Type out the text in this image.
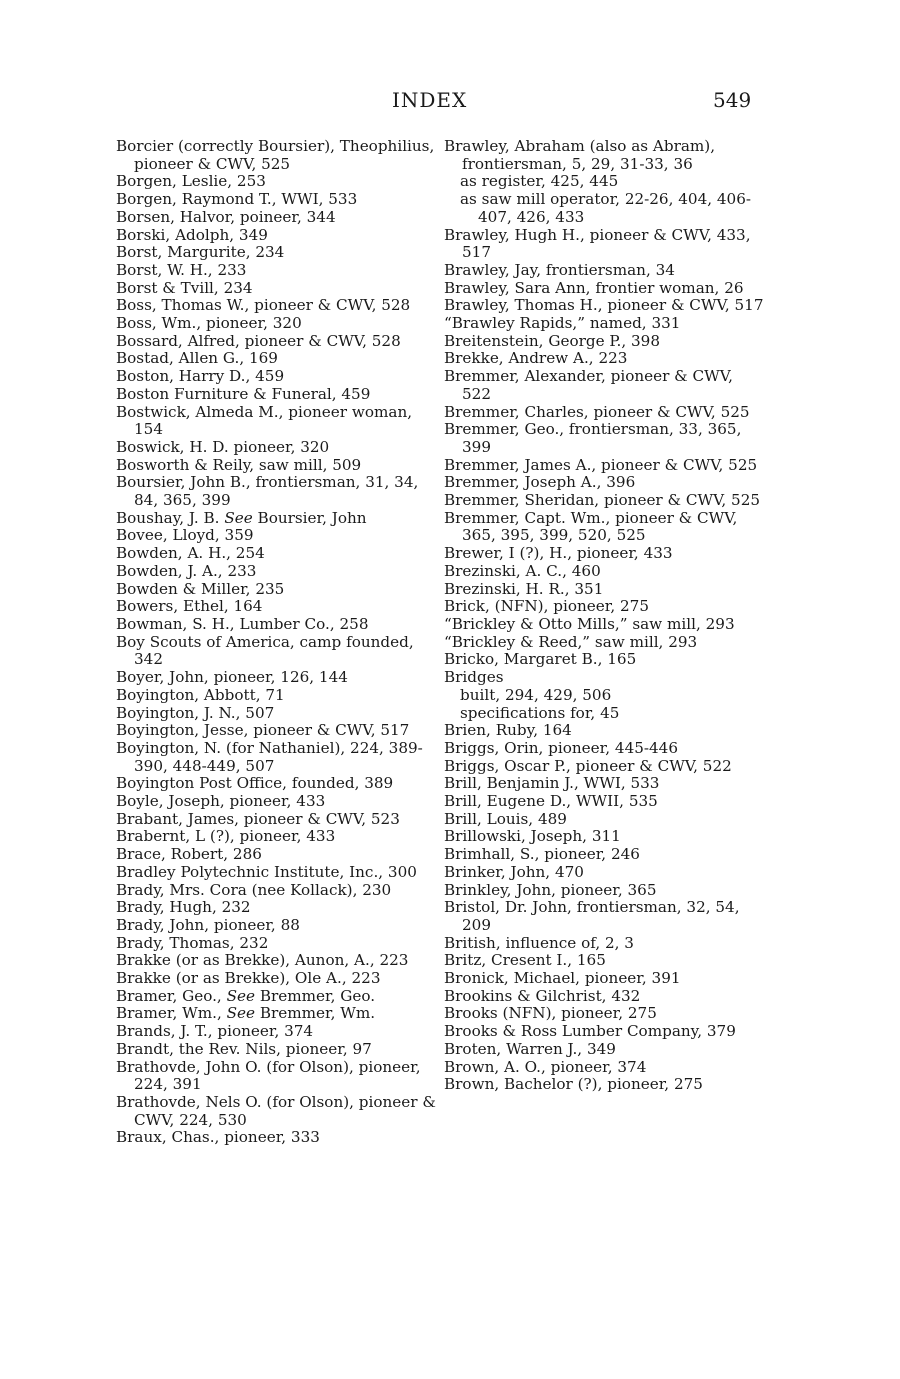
INDEX	549

Borcier (correctly Boursier), Theophilius, pioneer & CWV, 525

Borgen, Leslie, 253

Borgen, Raymond T., WWI, 533

Borsen, Halvor, poineer, 344

Borski, Adolph, 349

Borst, Margurite, 234

Borst, W. H., 233

Borst & Tvill, 234

Boss, Thomas W., pioneer & CWV, 528

Boss, Wm., pioneer, 320

Bossard, Alfred, pioneer & CWV, 528

Bostad, Allen G., 169

Boston, Harry D., 459

Boston Furniture & Funeral, 459

Bostwick, Almeda M., pioneer woman, 154

Boswick, H. D. pioneer, 320

Bosworth & Reily, saw mill, 509

Boursier, John B., frontiersman, 31, 34, 84, 365, 399

Boushay, J. B. See Boursier, John

Bovee, Lloyd, 359

Bowden, A. H., 254

Bowden, J. A., 233

Bowden & Miller, 235

Bowers, Ethel, 164

Bowman, S. H., Lumber Co., 258

Boy Scouts of America, camp founded, 342

Boyer, John, pioneer, 126, 144

Boyington, Abbott, 71

Boyington, J. N., 507

Boyington, Jesse, pioneer & CWV, 517

Boyington, N. (for Nathaniel), 224, 389-390, 448-449, 507

Boyington Post Office, founded, 389

Boyle, Joseph, pioneer, 433

Brabant, James, pioneer & CWV, 523

Brabernt, L (?), pioneer, 433

Brace, Robert, 286

Bradley Polytechnic Institute, Inc., 300

Brady, Mrs. Cora (nee Kollack), 230

Brady, Hugh, 232

Brady, John, pioneer, 88

Brady, Thomas, 232

Brakke (or as Brekke), Aunon, A., 223

Brakke (or as Brekke), Ole A., 223

Bramer, Geo., See Bremmer, Geo.

Bramer, Wm., See Bremmer, Wm.

Brands, J. T., pioneer, 374

Brandt, the Rev. Nils, pioneer, 97

Brathovde, John O. (for Olson), pioneer, 224, 391

Brathovde, Nels O. (for Olson), pioneer & CWV, 224, 530

Braux, Chas., pioneer, 333

Brawley, Abraham (also as Abram), frontiersman, 5, 29, 31-33, 36

as register, 425, 445

as saw mill operator, 22-26, 404, 406-407, 426, 433

Brawley, Hugh H., pioneer & CWV, 433, 517

Brawley, Jay, frontiersman, 34

Brawley, Sara Ann, frontier woman, 26

Brawley, Thomas H., pioneer & CWV, 517

“Brawley Rapids,” named, 331

Breitenstein, George P., 398

Brekke, Andrew A., 223

Bremmer, Alexander, pioneer & CWV, 522

Bremmer, Charles, pioneer & CWV, 525

Bremmer, Geo., frontiersman, 33, 365, 399

Bremmer, James A., pioneer & CWV, 525

Bremmer, Joseph A., 396

Bremmer, Sheridan, pioneer & CWV, 525

Bremmer, Capt. Wm., pioneer & CWV, 365, 395, 399, 520, 525

Brewer, I (?), H., pioneer, 433

Brezinski, A. C., 460

Brezinski, H. R., 351

Brick, (NFN), pioneer, 275

“Brickley & Otto Mills,” saw mill, 293

“Brickley & Reed,” saw mill, 293

Bricko, Margaret B., 165

Bridges

built, 294, 429, 506

specifications for, 45

Brien, Ruby, 164

Briggs, Orin, pioneer, 445-446

Briggs, Oscar P., pioneer & CWV, 522

Brill, Benjamin J., WWI, 533

Brill, Eugene D., WWII, 535

Brill, Louis, 489

Brillowski, Joseph, 311

Brimhall, S., pioneer, 246

Brinker, John, 470

Brinkley, John, pioneer, 365

Bristol, Dr. John, frontiersman, 32, 54, 209

British, influence of, 2, 3

Britz, Cresent I., 165

Bronick, Michael, pioneer, 391

Brookins & Gilchrist, 432

Brooks (NFN), pioneer, 275

Brooks & Ross Lumber Company, 379

Broten, Warren J., 349

Brown, A. O., pioneer, 374

Brown, Bachelor (?), pioneer, 275
